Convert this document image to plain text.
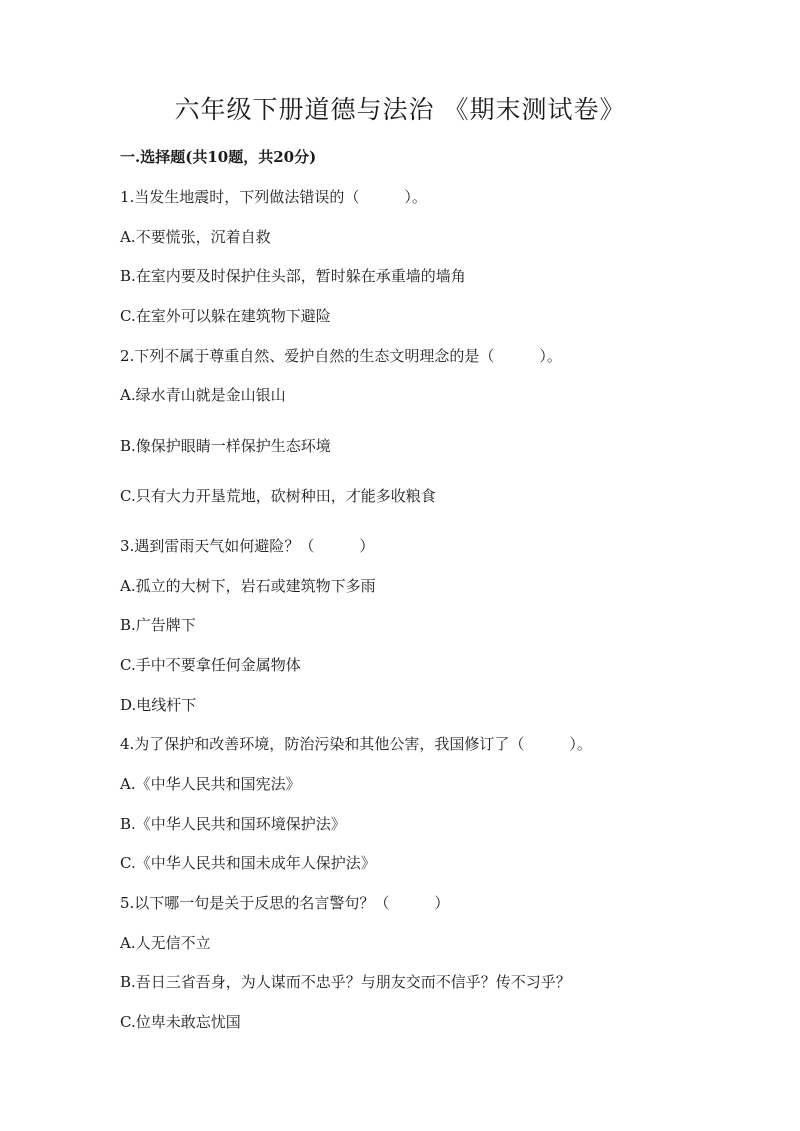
六年级下册道德与法治 《期末测试卷》
一.选择题(共10题，共20分)
1.当发生地震时，下列做法错误的（　　　）。
A.不要慌张，沉着自救
B.在室内要及时保护住头部，暂时躲在承重墙的墙角
C.在室外可以躲在建筑物下避险
2.下列不属于尊重自然、爱护自然的生态文明理念的是（　　　）。
A.绿水青山就是金山银山
B.像保护眼睛一样保护生态环境
C.只有大力开垦荒地，砍树种田，才能多收粮食
3.遇到雷雨天气如何避险？（　　　）
A.孤立的大树下，岩石或建筑物下多雨
B.广告牌下
C.手中不要拿任何金属物体
D.电线杆下
4.为了保护和改善环境，防治污染和其他公害，我国修订了（　　　）。
A.《中华人民共和国宪法》
B.《中华人民共和国环境保护法》
C.《中华人民共和国未成年人保护法》
5.以下哪一句是关于反思的名言警句？（　　　）
A.人无信不立
B.吾日三省吾身，为人谋而不忠乎？与朋友交而不信乎？传不习乎？
C.位卑未敢忘忧国
